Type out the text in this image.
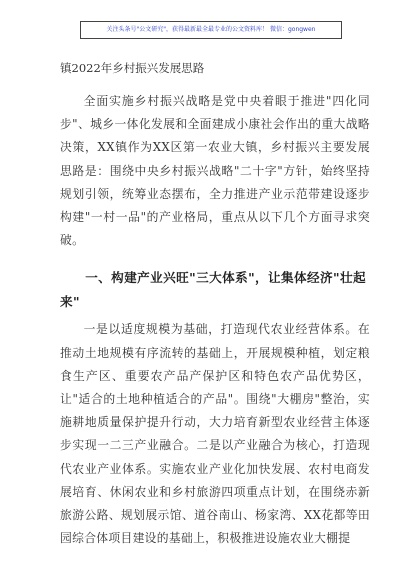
关注头条号"公文研究"，获得最新最全最专业的公文资料库！ 微信：gongwen
镇2022年乡村振兴发展思路

全面实施乡村振兴战略是党中央着眼于推进"四化同步"、城乡一体化发展和全面建成小康社会作出的重大战略决策，XX镇作为XX区第一农业大镇，乡村振兴主要发展思路是：围绕中央乡村振兴战略"二十字"方针，始终坚持规划引领，统筹业态摆布，全力推进产业示范带建设逐步构建"一村一品"的产业格局，重点从以下几个方面寻求突破。

一、构建产业兴旺"三大体系"，让集体经济"壮起来"

一是以适度规模为基础，打造现代农业经营体系。在推动土地规模有序流转的基础上，开展规模种植，划定粮食生产区、重要农产品产保护区和特色农产品优势区，让"适合的土地种植适合的产品"。围绕"大棚房"整治，实施耕地质量保护提升行动，大力培育新型农业经营主体逐步实现一二三产业融合。二是以产业融合为核心，打造现代农业产业体系。实施农业产业化加快发展、农村电商发展培育、休闲农业和乡村旅游四项重点计划，在围绕赤新旅游公路、规划展示馆、道谷南山、杨家湾、XX花都等田园综合体项目建设的基础上，积极推进设施农业大棚提
